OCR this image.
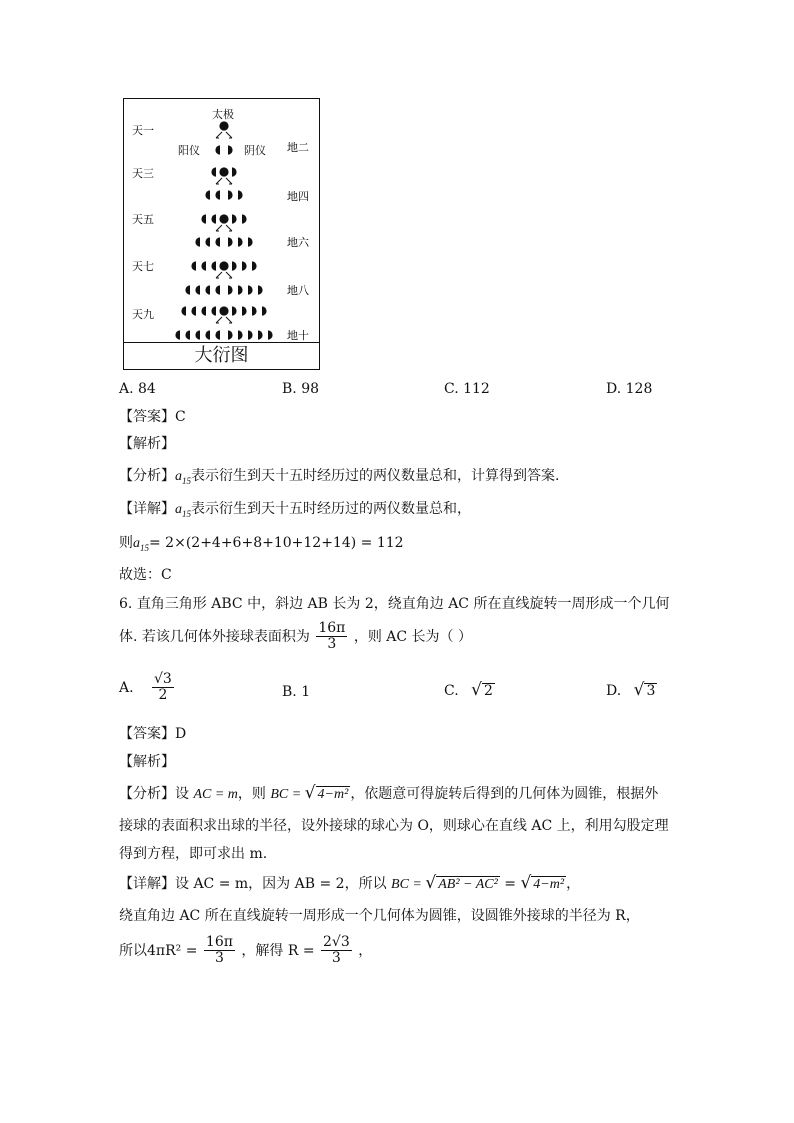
天一
天三
天五
天七
天九
地二
地四
地六
地八
地十
太极
阳仪	阴仪
大衍图
A. 84	B. 98	C. 112	D. 128
【答案】C
【解析】
【分析】$a_{15}$表示衍生到天十五时经历过的两仪数量总和，计算得到答案.
【详解】$a_{15}$表示衍生到天十五时经历过的两仪数量总和，
则$a_{15}= 2\times(2+4+6+8+10+12+14) = 112$
故选：C
6. 直角三角形 ABC 中，斜边 AB 长为 2，绕直角边 AC 所在直线旋转一周形成一个几何
体. 若该几何体外接球表面积为 $\frac{16\pi}{3}$ ，则 AC 长为（ ）
A. $\frac{√3}{2}$	B. 1	C. √ 2	D. √ 3
【答案】D
【解析】
【分析】设 AC = m，则 BC = √ 4−m² ，依题意可得旋转后得到的几何体为圆锥，根据外
接球的表面积求出球的半径，设外接球的球心为 O，则球心在直线 AC 上，利用勾股定理
得到方程，即可求出 m.
【详解】设 AC = m，因为 AB = 2，所以 BC = √ AB² − AC² = √ 4−m² ，
绕直角边 AC 所在直线旋转一周形成一个几何体为圆锥，设圆锥外接球的半径为 R，
所以$4\pi R^2 = \frac{16\pi}{3}$ ，解得 $R = \frac{2√3}{3}$ ，
